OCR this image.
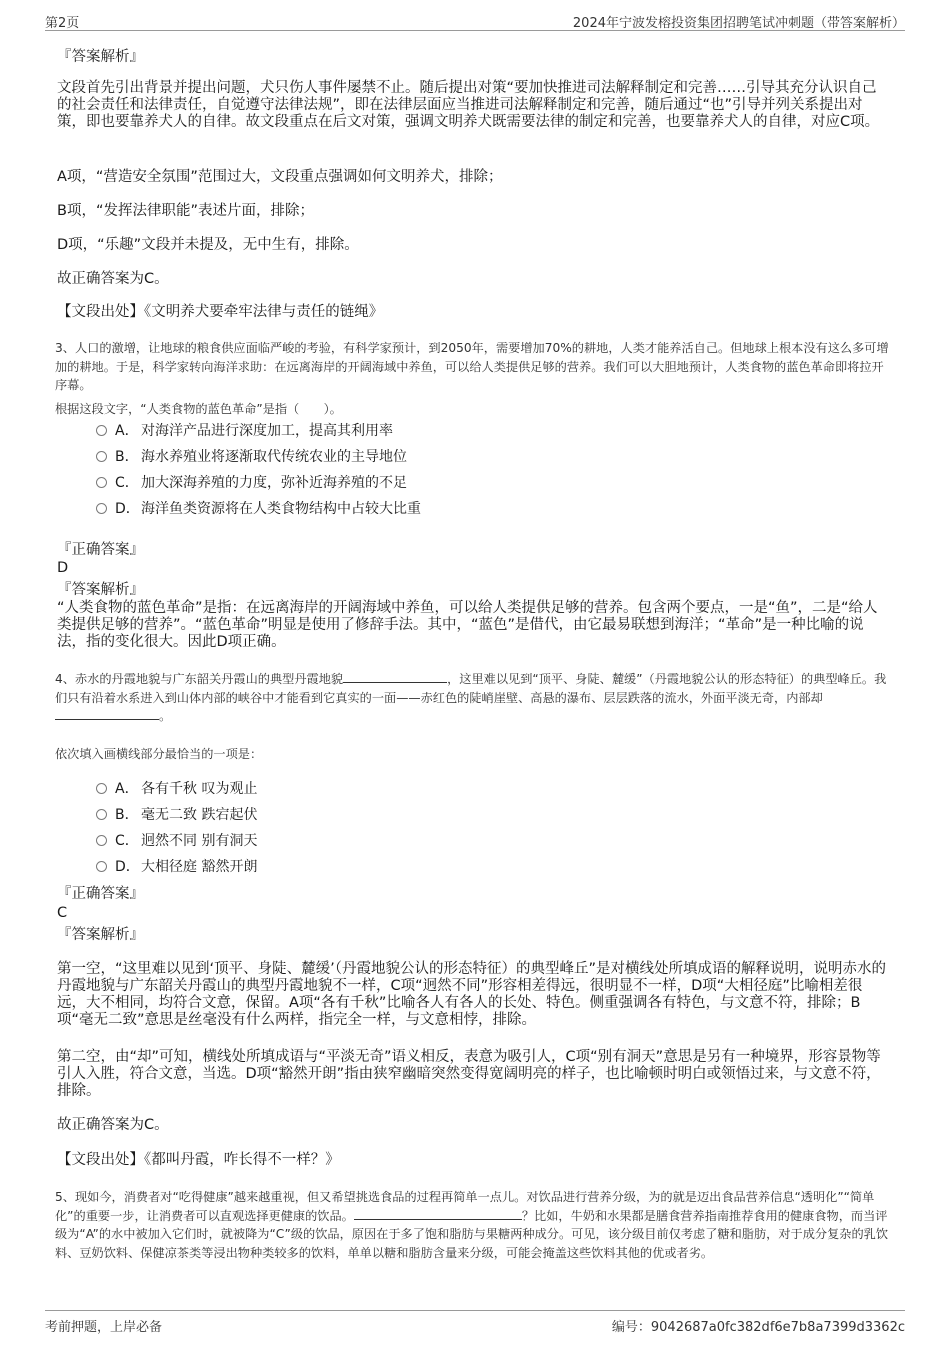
第2页	2024年宁波发榕投资集团招聘笔试冲刺题（带答案解析）
『答案解析』
文段首先引出背景并提出问题，犬只伤人事件屡禁不止。随后提出对策“要加快推进司法解释制定和完善……引导其充分认识自己的社会责任和法律责任，自觉遵守法律法规”，即在法律层面应当推进司法解释制定和完善，随后通过“也”引导并列关系提出对策，即也要靠养犬人的自律。故文段重点在后文对策，强调文明养犬既需要法律的制定和完善，也要靠养犬人的自律，对应C项。
A项，“营造安全氛围”范围过大，文段重点强调如何文明养犬，排除；
B项，“发挥法律职能”表述片面，排除；
D项，“乐趣”文段并未提及，无中生有，排除。
故正确答案为C。
【文段出处】《文明养犬要牵牢法律与责任的链绳》
3、人口的激增，让地球的粮食供应面临严峻的考验，有科学家预计，到2050年，需要增加70%的耕地，人类才能养活自己。但地球上根本没有这么多可增加的耕地。于是，科学家转向海洋求助：在远离海岸的开阔海域中养鱼，可以给人类提供足够的营养。我们可以大胆地预计，人类食物的蓝色革命即将拉开序幕。
根据这段文字，“人类食物的蓝色革命”是指（　　）。
A． 对海洋产品进行深度加工，提高其利用率
B． 海水养殖业将逐渐取代传统农业的主导地位
C． 加大深海养殖的力度，弥补近海养殖的不足
D．海洋鱼类资源将在人类食物结构中占较大比重
『正确答案』
D
『答案解析』
“人类食物的蓝色革命”是指：在远离海岸的开阔海域中养鱼，可以给人类提供足够的营养。包含两个要点，一是“鱼”，二是“给人类提供足够的营养”。“蓝色革命”明显是使用了修辞手法。其中，“蓝色”是借代，由它最易联想到海洋；“革命”是一种比喻的说法，指的变化很大。因此D项正确。
4、赤水的丹霞地貌与广东韶关丹霞山的典型丹霞地貌	，这里难以见到“顶平、身陡、麓缓”（丹霞地貌公认的形态特征）的典型峰丘。我们只有沿着水系进入到山体内部的峡谷中才能看到它真实的一面——赤红色的陡峭崖壁、高悬的瀑布、层层跌落的流水，外面平淡无奇，内部却。
依次填入画横线部分最恰当的一项是：
A． 各有千秋 叹为观止
B． 毫无二致 跌宕起伏
C． 迥然不同 别有洞天
D．大相径庭 豁然开朗
『正确答案』
C
『答案解析』
第一空，“这里难以见到‘顶平、身陡、麓缓’（丹霞地貌公认的形态特征）的典型峰丘”是对横线处所填成语的解释说明，说明赤水的丹霞地貌与广东韶关丹霞山的典型丹霞地貌不一样，C项“迥然不同”形容相差得远，很明显不一样，D项“大相径庭”比喻相差很远，大不相同，均符合文意，保留。A项“各有千秋”比喻各人有各人的长处、特色。侧重强调各有特色，与文意不符，排除；B项“毫无二致”意思是丝毫没有什么两样，指完全一样，与文意相悖，排除。
第二空，由“却”可知，横线处所填成语与“平淡无奇”语义相反，表意为吸引人，C项“别有洞天”意思是另有一种境界，形容景物等引人入胜，符合文意，当选。D项“豁然开朗”指由狭窄幽暗突然变得宽阔明亮的样子，也比喻顿时明白或领悟过来，与文意不符，排除。
故正确答案为C。
【文段出处】《都叫丹霞，咋长得不一样？》
5、现如今，消费者对“吃得健康”越来越重视，但又希望挑选食品的过程再简单一点儿。对饮品进行营养分级，为的就是迈出食品营养信息“透明化”“简单化”的重要一步，让消费者可以直观选择更健康的饮品。	？比如，牛奶和水果都是膳食营养指南推荐食用的健康食物，而当评级为“A”的水中被加入它们时，就被降为“C”级的饮品，原因在于多了饱和脂肪与果糖两种成分。可见，该分级目前仅考虑了糖和脂肪，对于成分复杂的乳饮料、豆奶饮料、保健凉茶类等浸出物种类较多的饮料，单单以糖和脂肪含量来分级，可能会掩盖这些饮料其他的优或者劣。
考前押题，上岸必备	编号：9042687a0fc382df6e7b8a7399d3362c
